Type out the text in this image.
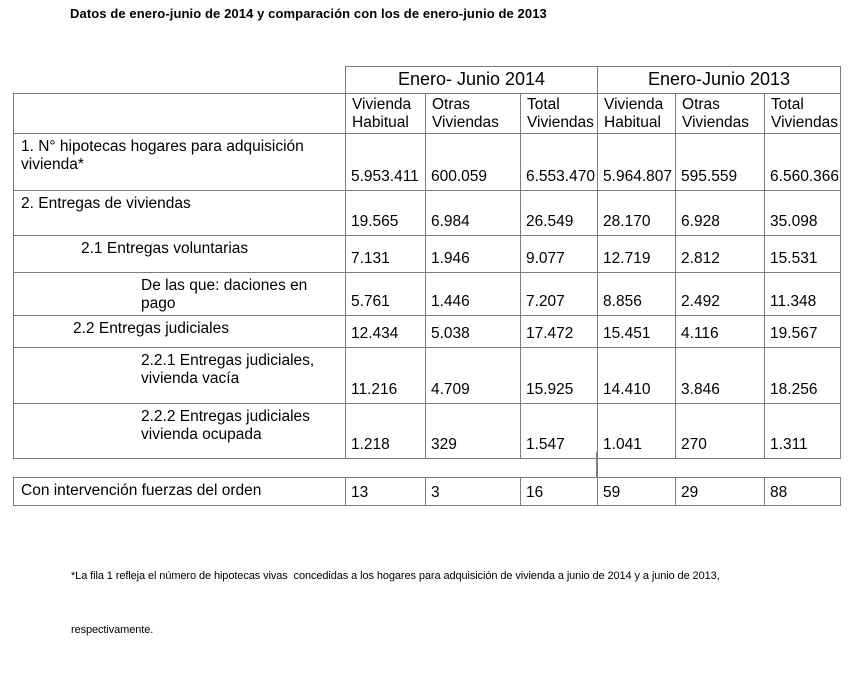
Datos de enero-junio de 2014 y comparación con los de enero-junio de 2013
	Enero- Junio 2014			Enero-Junio 2013		
	Vivienda Habitual	Otras Viviendas	Total Viviendas	Vivienda Habitual	Otras Viviendas	Total Viviendas
1. N° hipotecas hogares para adquisición vivienda*	5.953.411	600.059	6.553.470	5.964.807	595.559	6.560.366
2. Entregas de viviendas	19.565	6.984	26.549	28.170	6.928	35.098
2.1 Entregas voluntarias	7.131	1.946	9.077	12.719	2.812	15.531
De las que: daciones en pago	5.761	1.446	7.207	8.856	2.492	11.348
2.2 Entregas judiciales	12.434	5.038	17.472	15.451	4.116	19.567
2.2.1 Entregas judiciales, vivienda vacía	11.216	4.709	15.925	14.410	3.846	18.256
2.2.2 Entregas judiciales vivienda ocupada	1.218	329	1.547	1.041	270	1.311
Con intervención fuerzas del orden	13	3	16	59	29	88

*La fila 1 refleja el número de hipotecas vivas  concedidas a los hogares para adquisición de vivienda a junio de 2014 y a junio de 2013,

respectivamente.
